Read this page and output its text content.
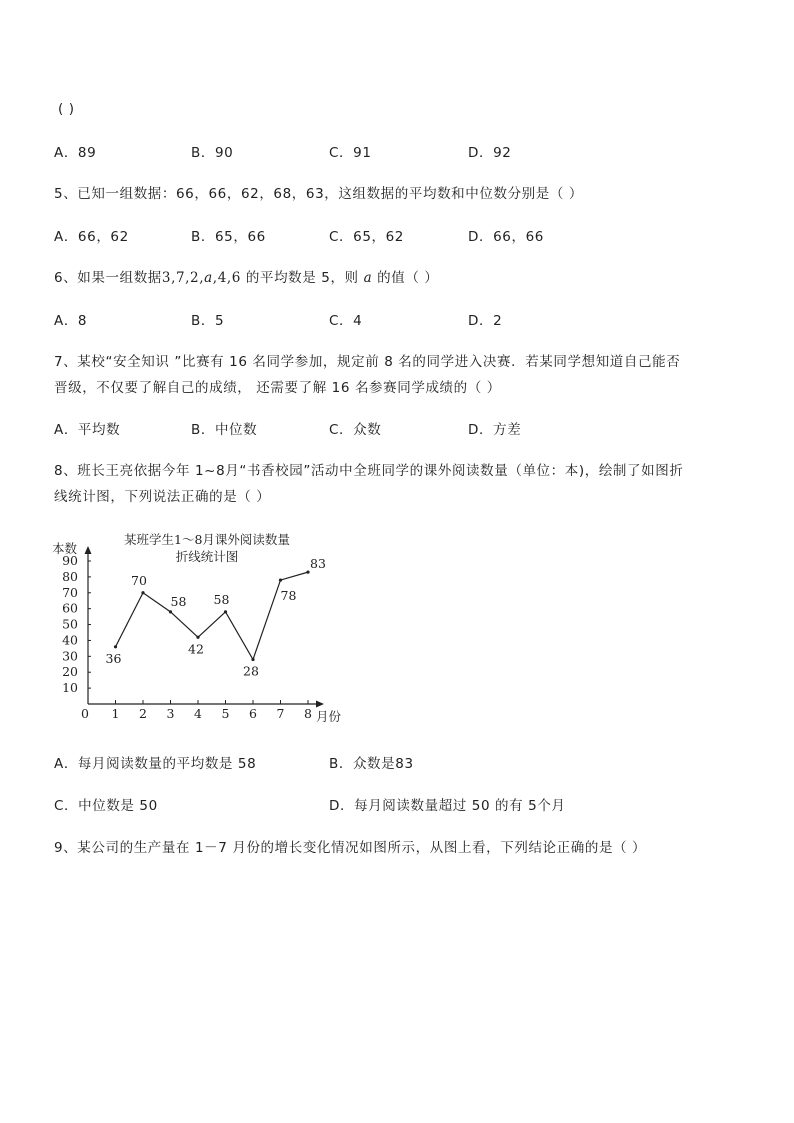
( )
A．89	B．90	C．91	D．92
5、已知一组数据：66，66，62，68，63，这组数据的平均数和中位数分别是（ ）
A．66，62	B．65，66	C．65，62	D．66，66
6、如果一组数据3,7,2,a,4,6 的平均数是 5，则 a 的值（ ）
A．8	B．5	C．4	D．2
7、某校“安全知识 ”比赛有 16 名同学参加，规定前 8 名的同学进入决赛．若某同学想知道自己能否
晋级，不仅要了解自己的成绩， 还需要了解 16 名参赛同学成绩的（ ）
A．平均数	B．中位数	C．众数	D．方差
8、班长王亮依据今年 1~8月“书香校园”活动中全班同学的课外阅读数量（单位：本)，绘制了如图折
线统计图，下列说法正确的是（ ）
某班学生1～8月课外阅读数量
折线统计图
本数
月份
0 1 2 3 4 5 6 7 8
10
20
30
40
50
60
70
80
90
36
70
58
42
58
28
78
83
A．每月阅读数量的平均数是 58	B．众数是83
C．中位数是 50	D．每月阅读数量超过 50 的有 5个月
9、某公司的生产量在 1－7 月份的增长变化情况如图所示，从图上看，下列结论正确的是（ ）
